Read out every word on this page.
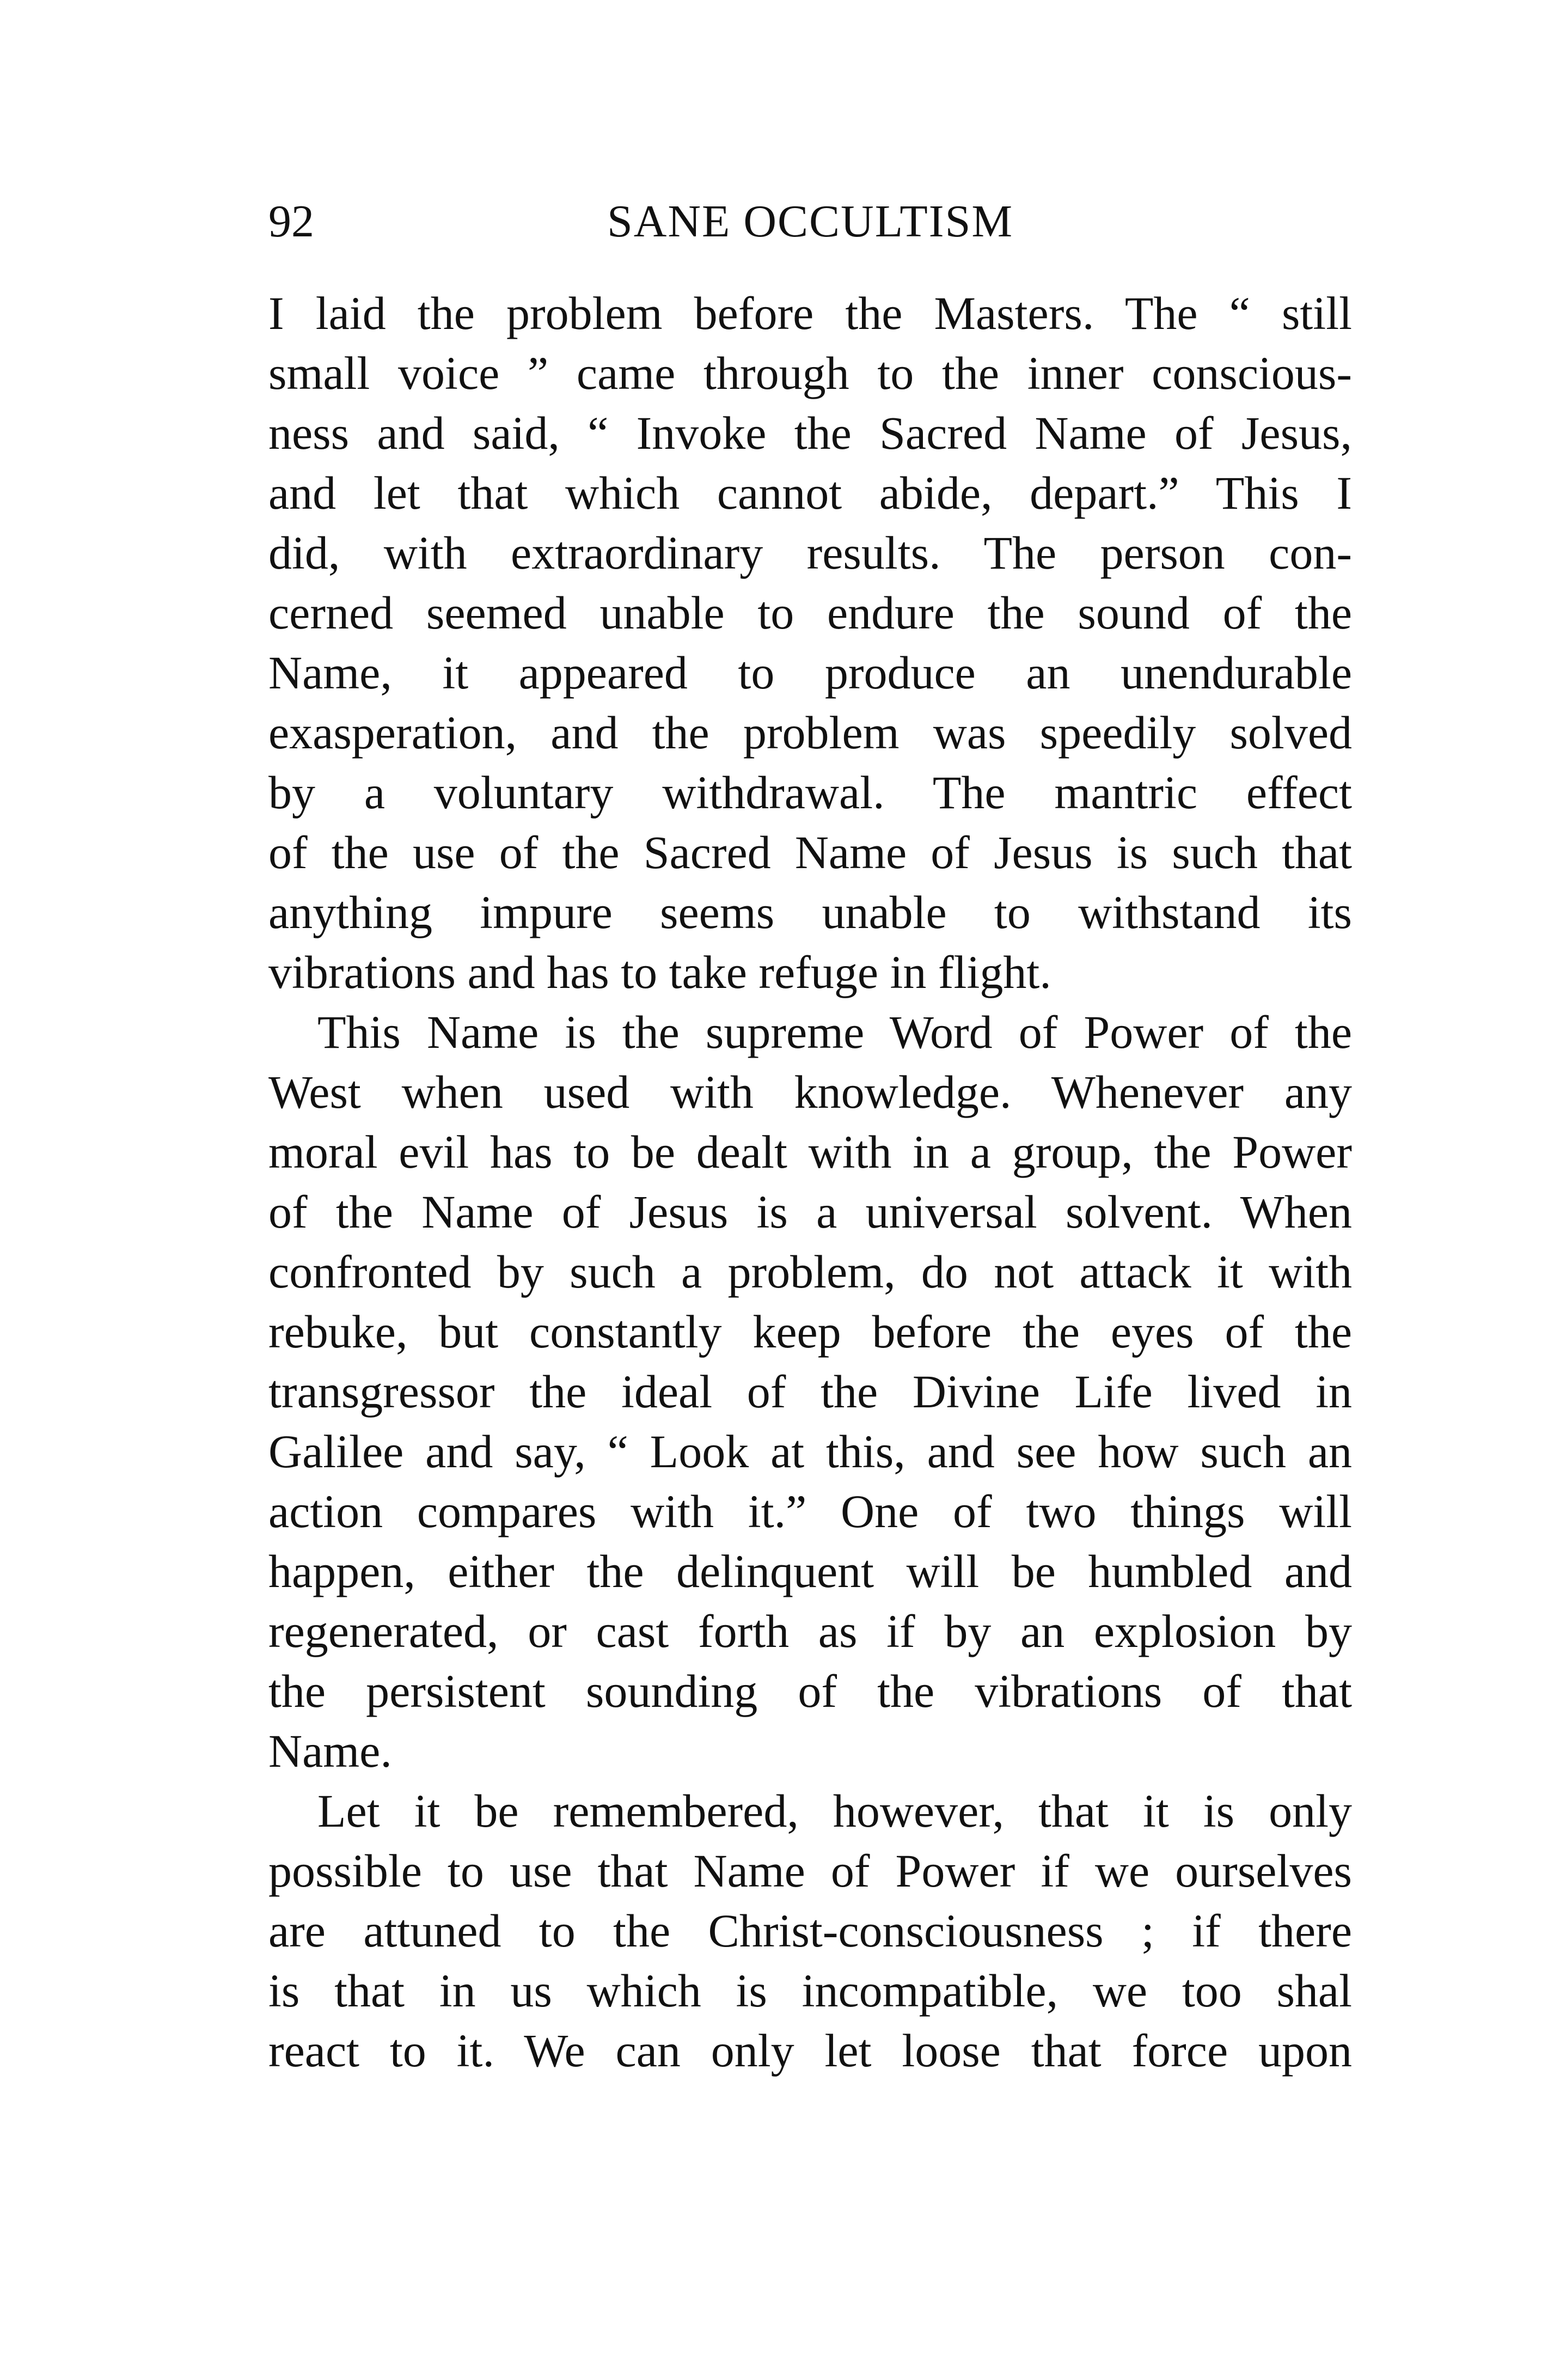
92	SANE OCCULTISM
I laid the problem before the Masters. The “ still
small voice ” came through to the inner conscious-
ness and said, “ Invoke the Sacred Name of Jesus,
and let that which cannot abide, depart.” This I
did, with extraordinary results. The person con-
cerned seemed unable to endure the sound of the
Name, it appeared to produce an unendurable
exasperation, and the problem was speedily solved
by a voluntary withdrawal. The mantric effect
of the use of the Sacred Name of Jesus is such that
anything impure seems unable to withstand its
vibrations and has to take refuge in flight.
This Name is the supreme Word of Power of the
West when used with knowledge. Whenever any
moral evil has to be dealt with in a group, the Power
of the Name of Jesus is a universal solvent. When
confronted by such a problem, do not attack it with
rebuke, but constantly keep before the eyes of the
transgressor the ideal of the Divine Life lived in
Galilee and say, “ Look at this, and see how such an
action compares with it.” One of two things will
happen, either the delinquent will be humbled and
regenerated, or cast forth as if by an explosion by
the persistent sounding of the vibrations of that
Name.
Let it be remembered, however, that it is only
possible to use that Name of Power if we ourselves
are attuned to the Christ-consciousness ; if there
is that in us which is incompatible, we too shal
react to it. We can only let loose that force upon
